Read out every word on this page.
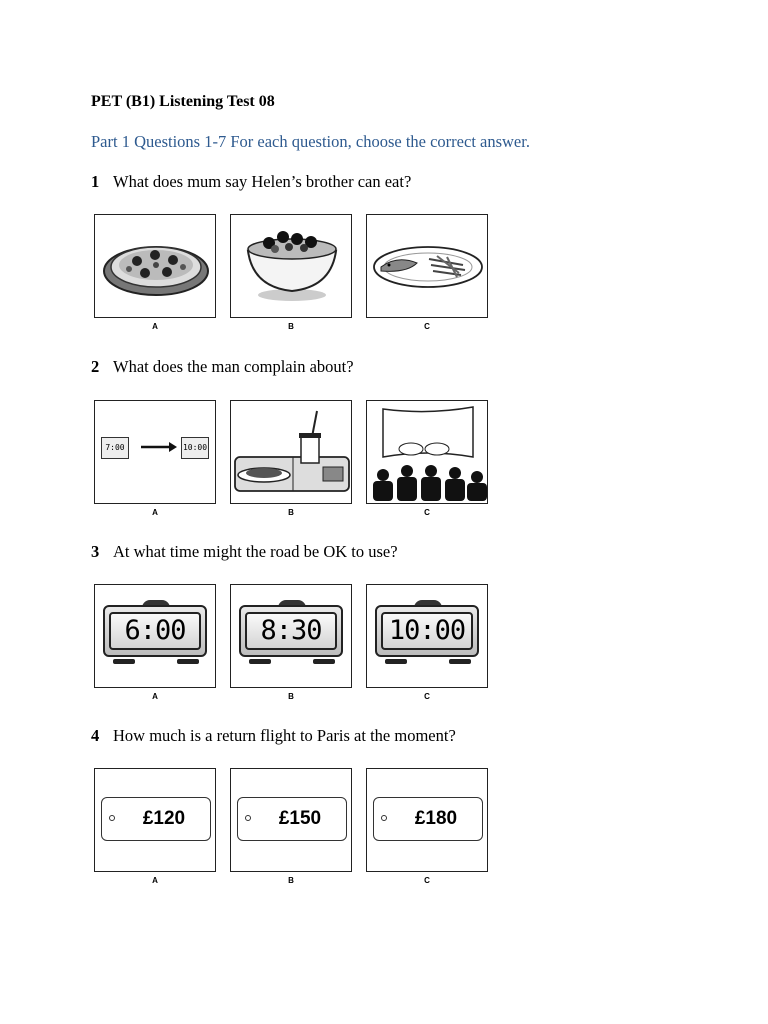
PET (B1) Listening Test 08
Part 1 Questions 1-7 For each question, choose the correct answer.
1 What does mum say Helen’s brother can eat?
A	B	C
2 What does the man complain about?
7:00	10:00
A	B	C
3 At what time might the road be OK to use?
6:00	8:30	10:00
A	B	C
4 How much is a return flight to Paris at the moment?
£120	£150	£180
A	B	C
